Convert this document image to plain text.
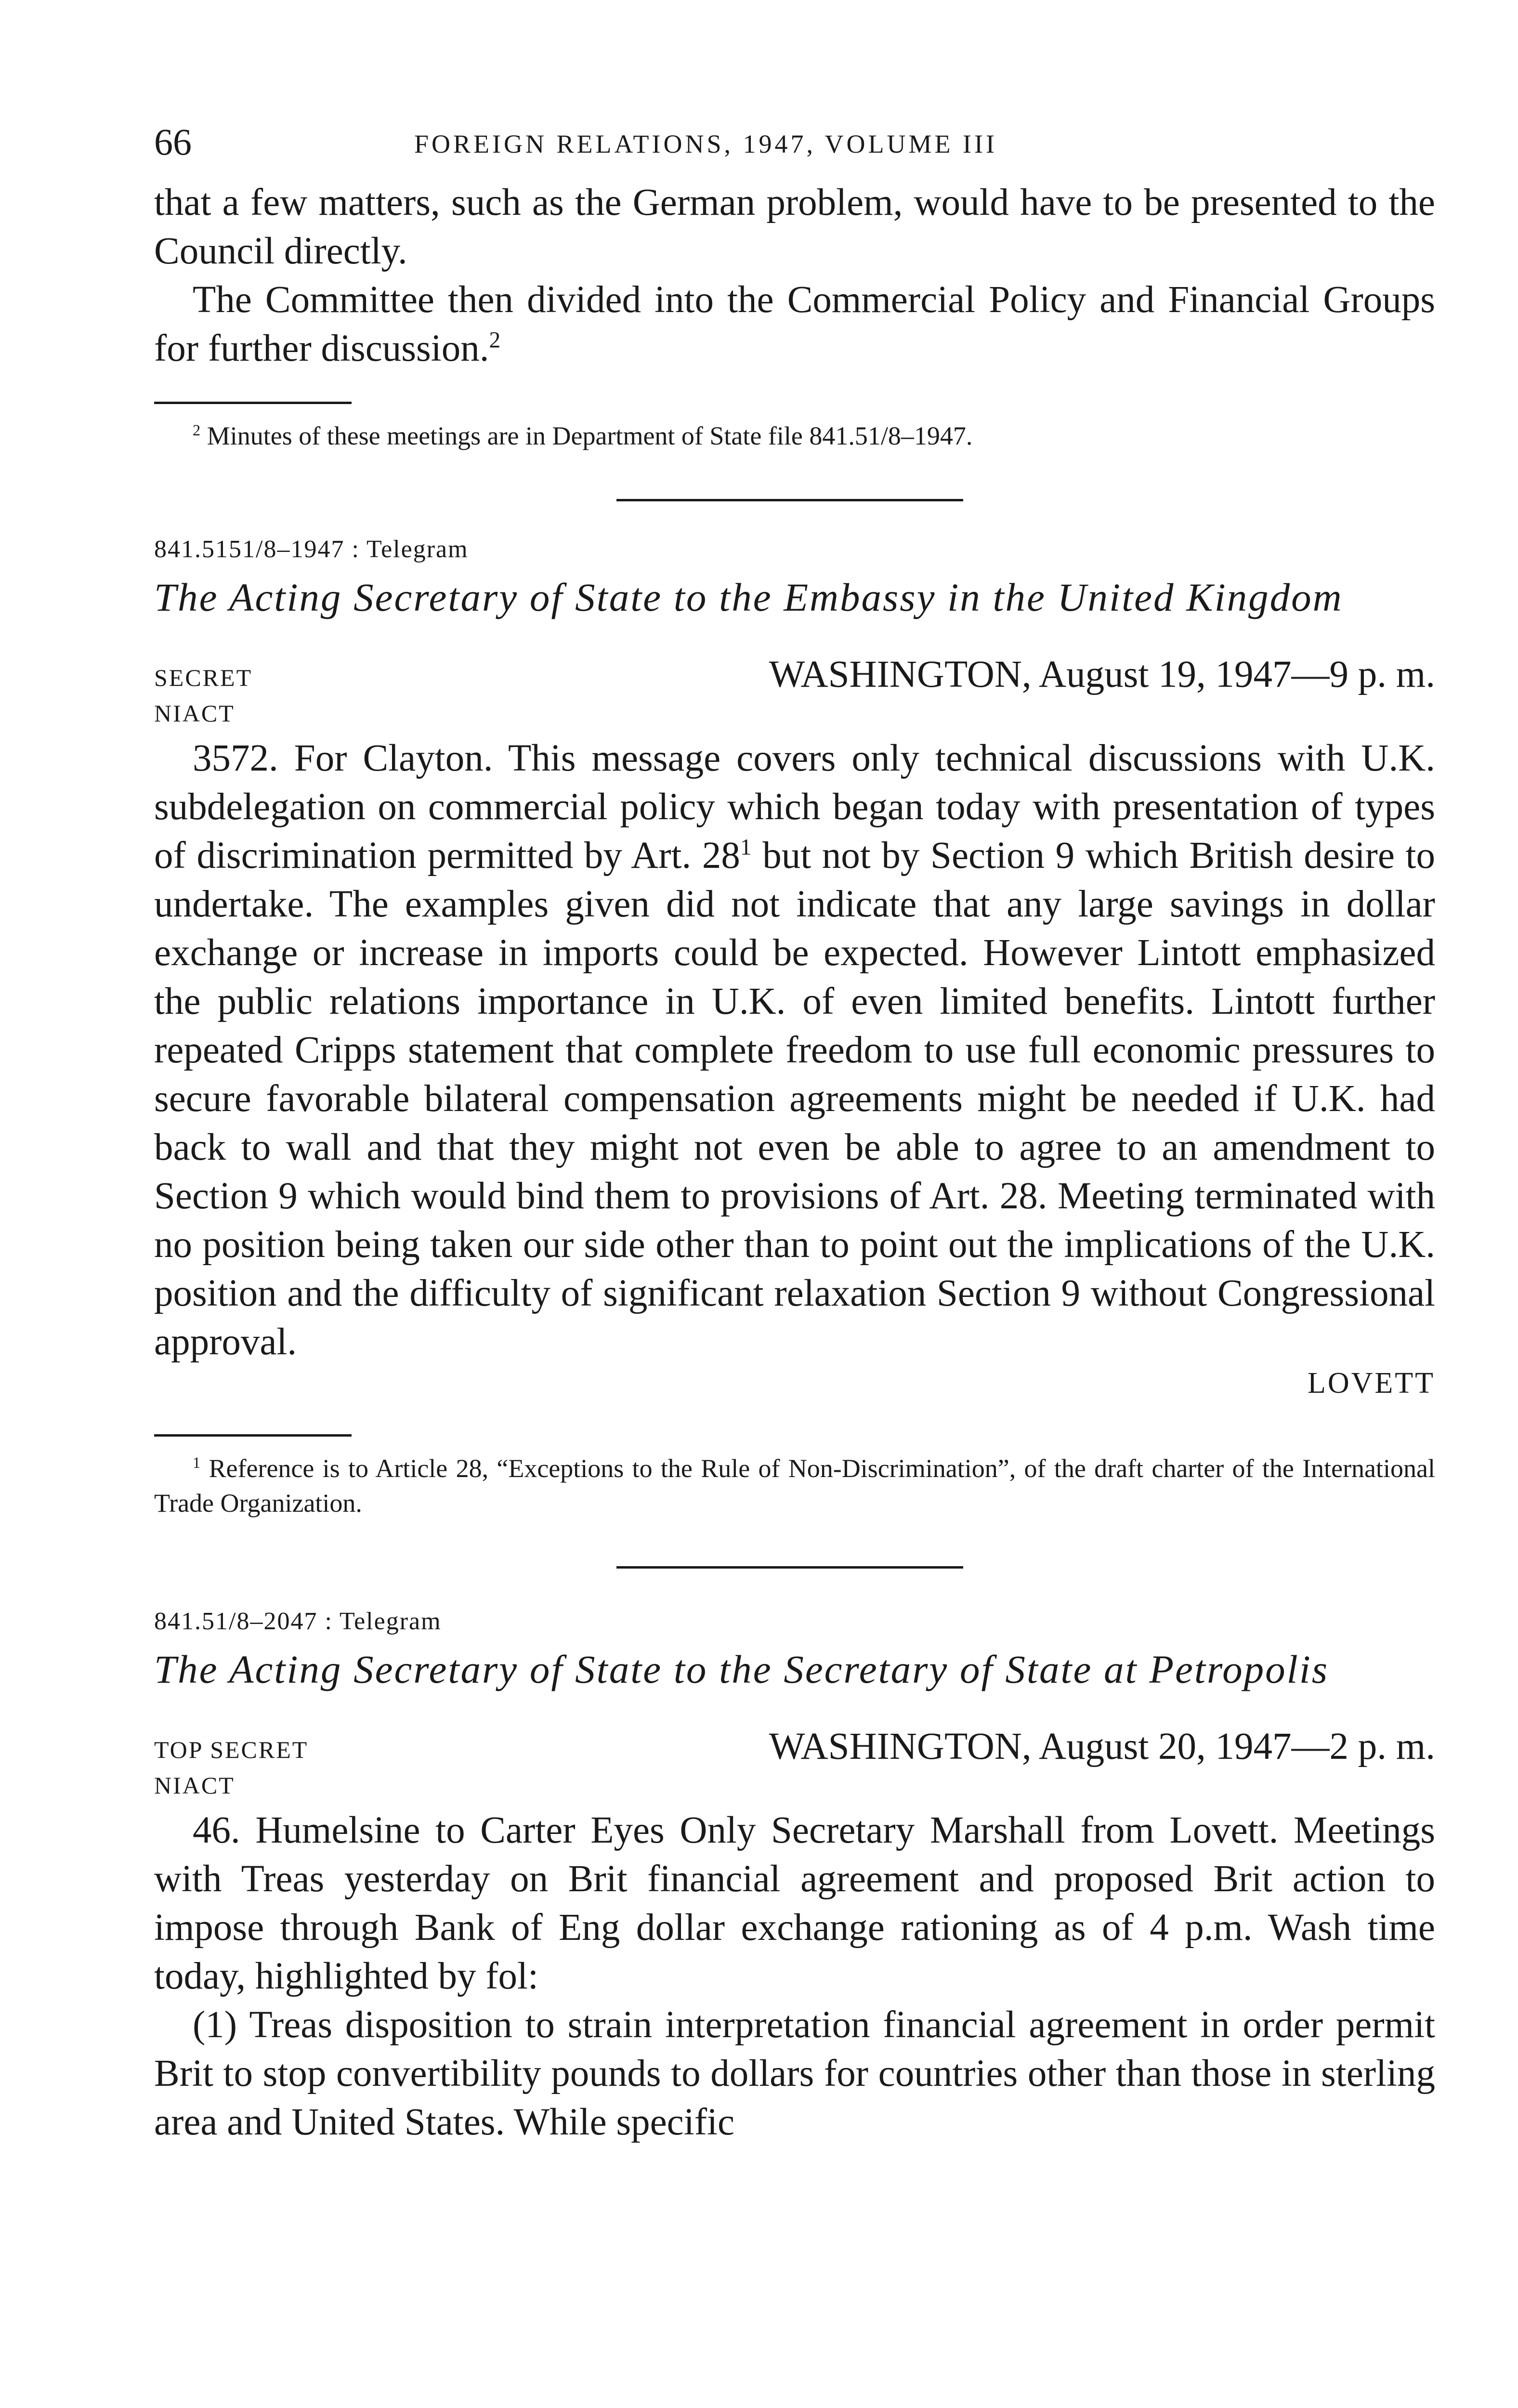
66	FOREIGN RELATIONS, 1947, VOLUME III

that a few matters, such as the German problem, would have to be presented to the Council directly.

The Committee then divided into the Commercial Policy and Financial Groups for further discussion.$^2$

$^2$ Minutes of these meetings are in Department of State file 841.51/8–1947.

841.5151/8–1947 : Telegram

The Acting Secretary of State to the Embassy in the United Kingdom

SECRET	WASHINGTON, August 19, 1947—9 p. m.

NIACT

3572. For Clayton. This message covers only technical discussions with U.K. subdelegation on commercial policy which began today with presentation of types of discrimination permitted by Art. $28^1$ but not by Section 9 which British desire to undertake. The examples given did not indicate that any large savings in dollar exchange or increase in imports could be expected. However Lintott emphasized the public relations importance in U.K. of even limited benefits. Lintott further repeated Cripps statement that complete freedom to use full economic pressures to secure favorable bilateral compensation agreements might be needed if U.K. had back to wall and that they might not even be able to agree to an amendment to Section 9 which would bind them to provisions of Art. 28. Meeting terminated with no position being taken our side other than to point out the implications of the U.K. position and the difficulty of significant relaxation Section 9 without Congressional approval.

LOVETT

$^1$ Reference is to Article 28, “Exceptions to the Rule of Non-Discrimination”, of the draft charter of the International Trade Organization.

841.51/8–2047 : Telegram

The Acting Secretary of State to the Secretary of State at Petropolis

TOP SECRET	WASHINGTON, August 20, 1947—2 p. m.

NIACT

46. Humelsine to Carter Eyes Only Secretary Marshall from Lovett. Meetings with Treas yesterday on Brit financial agreement and proposed Brit action to impose through Bank of Eng dollar exchange rationing as of 4 p.m. Wash time today, highlighted by fol:

(1) Treas disposition to strain interpretation financial agreement in order permit Brit to stop convertibility pounds to dollars for countries other than those in sterling area and United States. While specific
